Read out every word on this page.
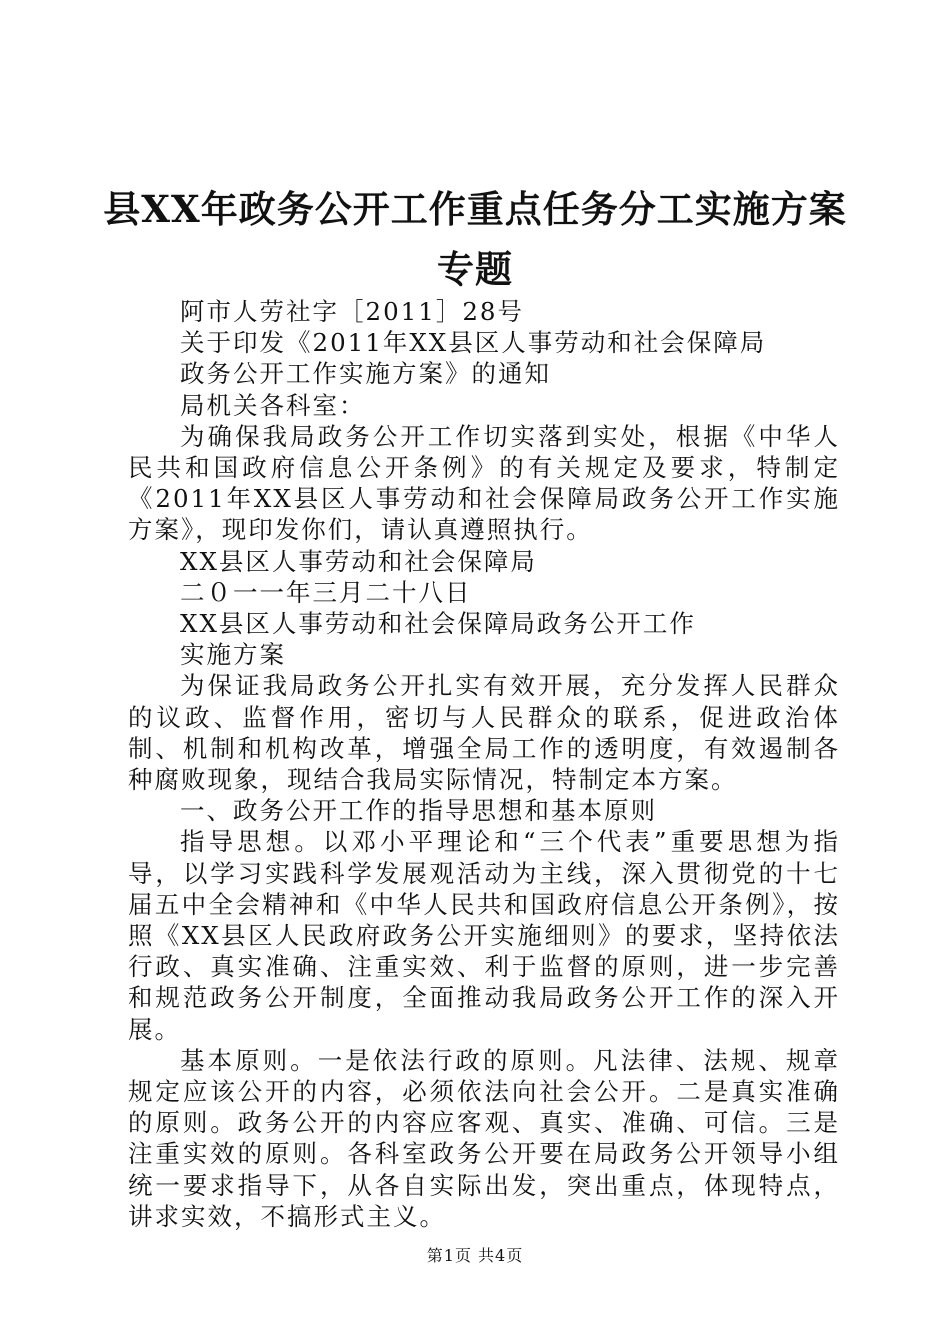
县XX年政务公开工作重点任务分工实施方案
专题

阿市人劳社字［2011］28号

关于印发《2011年XX县区人事劳动和社会保障局

政务公开工作实施方案》的通知

局机关各科室：

为确保我局政务公开工作切实落到实处，根据《中华人民共和国政府信息公开条例》的有关规定及要求，特制定《2011年XX县区人事劳动和社会保障局政务公开工作实施方案》，现印发你们，请认真遵照执行。

XX县区人事劳动和社会保障局

二０一一年三月二十八日

XX县区人事劳动和社会保障局政务公开工作

实施方案

为保证我局政务公开扎实有效开展，充分发挥人民群众的议政、监督作用，密切与人民群众的联系，促进政治体制、机制和机构改革，增强全局工作的透明度，有效遏制各种腐败现象，现结合我局实际情况，特制定本方案。

一、政务公开工作的指导思想和基本原则

指导思想。以邓小平理论和“三个代表”重要思想为指导，以学习实践科学发展观活动为主线，深入贯彻党的十七届五中全会精神和《中华人民共和国政府信息公开条例》，按照《XX县区人民政府政务公开实施细则》的要求，坚持依法行政、真实准确、注重实效、利于监督的原则，进一步完善和规范政务公开制度，全面推动我局政务公开工作的深入开展。

基本原则。一是依法行政的原则。凡法律、法规、规章规定应该公开的内容，必须依法向社会公开。二是真实准确的原则。政务公开的内容应客观、真实、准确、可信。三是注重实效的原则。各科室政务公开要在局政务公开领导小组统一要求指导下，从各自实际出发，突出重点，体现特点，讲求实效，不搞形式主义。

第1页 共4页
